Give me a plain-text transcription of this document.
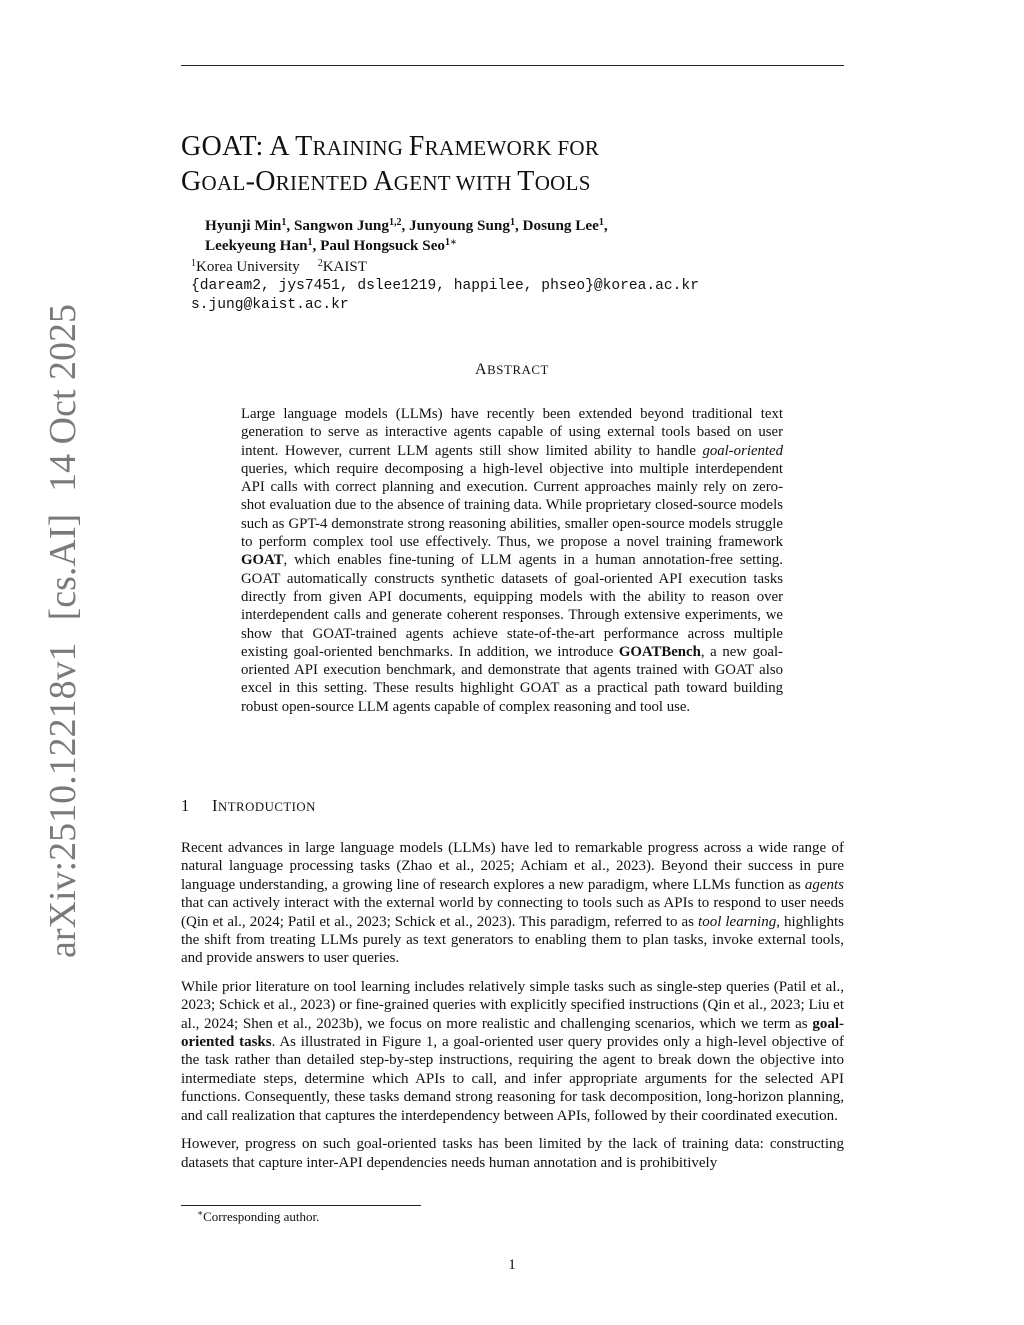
GOAT: A TRAINING FRAMEWORK FOR
GOAL-ORIENTED AGENT WITH TOOLS
Hyunji Min$^1$, Sangwon Jung$^{1,2}$, Junyoung Sung$^1$, Dosung Lee$^1$,
Leekyeung Han$^1$, Paul Hongsuck Seo$^{1∗}$
$^1$Korea University $^2$KAIST
{daream2, jys7451, dslee1219, happilee, phseo}@korea.ac.kr
s.jung@kaist.ac.kr
ABSTRACT
Large language models (LLMs) have recently been extended beyond traditional text generation to serve as interactive agents capable of using external tools based on user intent. However, current LLM agents still show limited ability to handle goal-oriented queries, which require decomposing a high-level objective into multiple interdependent API calls with correct planning and execution. Current approaches mainly rely on zero-shot evaluation due to the absence of training data. While proprietary closed-source models such as GPT-4 demonstrate strong reasoning abilities, smaller open-source models struggle to perform complex tool use effectively. Thus, we propose a novel training framework GOAT, which enables fine-tuning of LLM agents in a human annotation-free setting. GOAT automatically constructs synthetic datasets of goal-oriented API execution tasks directly from given API documents, equipping models with the ability to reason over interdependent calls and generate coherent responses. Through extensive experiments, we show that GOAT-trained agents achieve state-of-the-art performance across multiple existing goal-oriented benchmarks. In addition, we introduce GOATBench, a new goal-oriented API execution benchmark, and demonstrate that agents trained with GOAT also excel in this setting. These results highlight GOAT as a practical path toward building robust open-source LLM agents capable of complex reasoning and tool use.
1 INTRODUCTION

Recent advances in large language models (LLMs) have led to remarkable progress across a wide range of natural language processing tasks (Zhao et al., 2025; Achiam et al., 2023). Beyond their success in pure language understanding, a growing line of research explores a new paradigm, where LLMs function as agents that can actively interact with the external world by connecting to tools such as APIs to respond to user needs (Qin et al., 2024; Patil et al., 2023; Schick et al., 2023). This paradigm, referred to as tool learning, highlights the shift from treating LLMs purely as text generators to enabling them to plan tasks, invoke external tools, and provide answers to user queries.

While prior literature on tool learning includes relatively simple tasks such as single-step queries (Patil et al., 2023; Schick et al., 2023) or fine-grained queries with explicitly specified instructions (Qin et al., 2023; Liu et al., 2024; Shen et al., 2023b), we focus on more realistic and challenging scenarios, which we term as goal-oriented tasks. As illustrated in Figure 1, a goal-oriented user query provides only a high-level objective of the task rather than detailed step-by-step instructions, requiring the agent to break down the objective into intermediate steps, determine which APIs to call, and infer appropriate arguments for the selected API functions. Consequently, these tasks demand strong reasoning for task decomposition, long-horizon planning, and call realization that captures the interdependency between APIs, followed by their coordinated execution.

However, progress on such goal-oriented tasks has been limited by the lack of training data: constructing datasets that capture inter-API dependencies needs human annotation and is prohibitively

∗Corresponding author.
1
arXiv:2510.12218v1[cs.AI]14 Oct 2025
